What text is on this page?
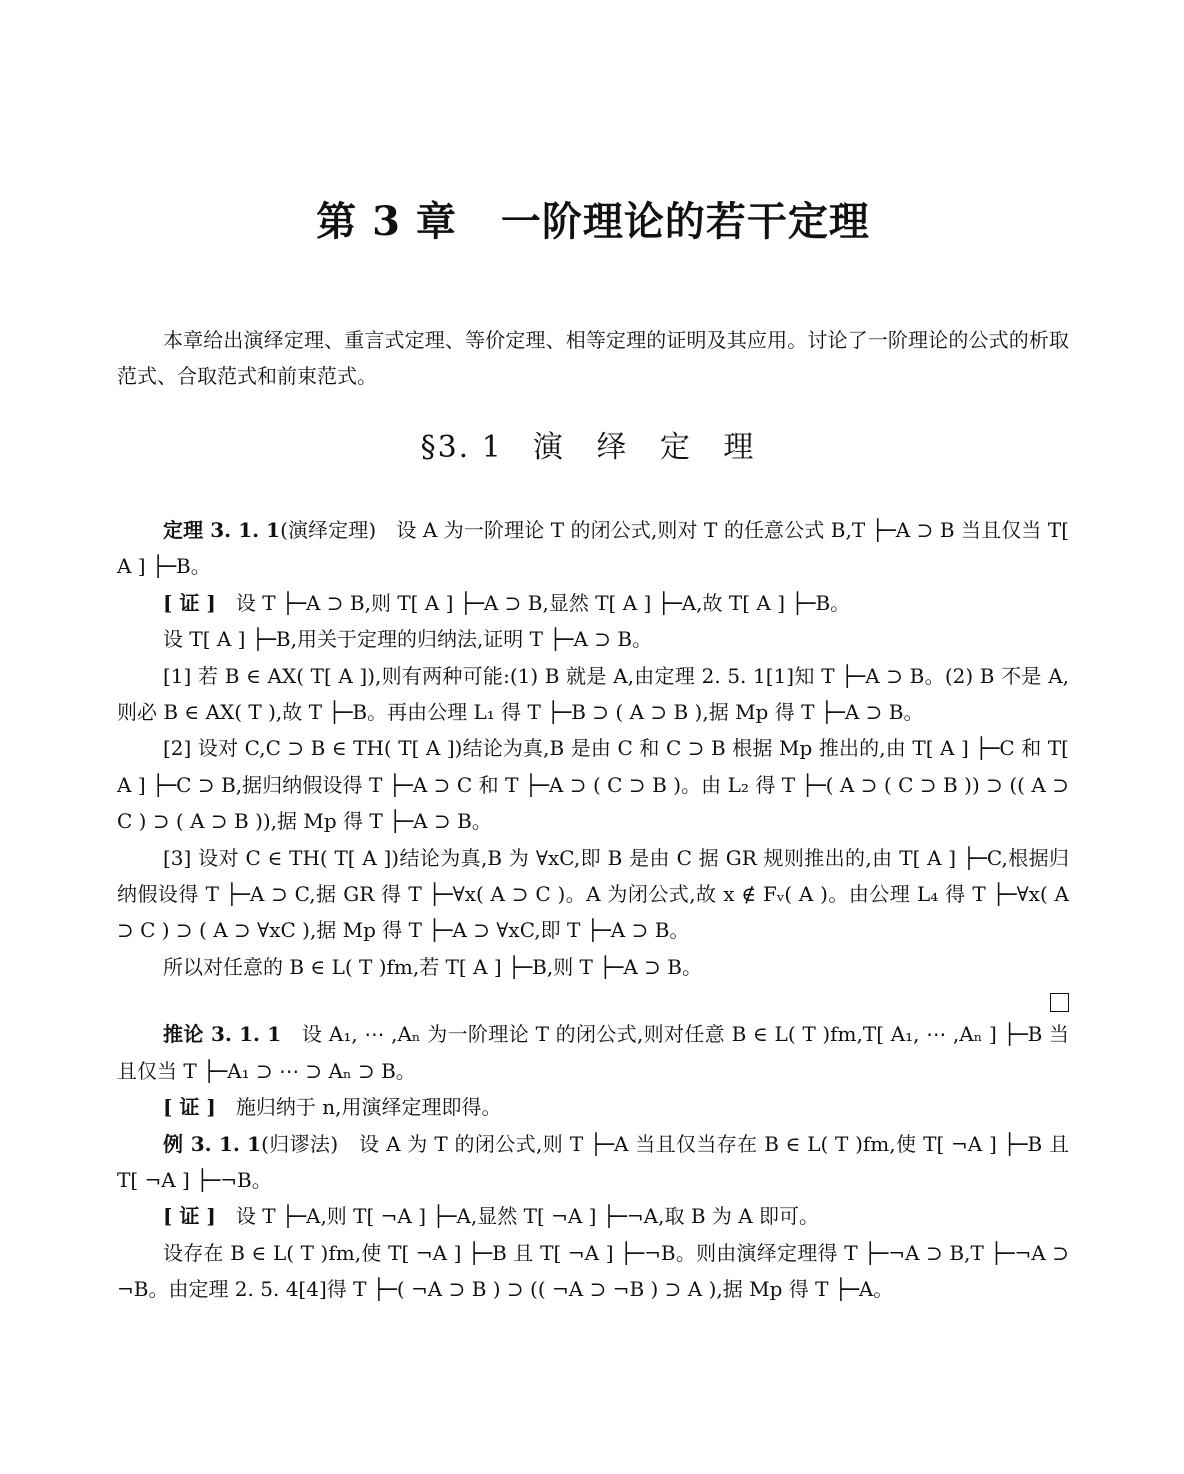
第 3 章 一阶理论的若干定理

本章给出演绎定理、重言式定理、等价定理、相等定理的证明及其应用。讨论了一阶理论的公式的析取范式、合取范式和前束范式。

§3. 1 演 绎 定 理

定理 3. 1. 1(演绎定理)　设 A 为一阶理论 T 的闭公式,则对 T 的任意公式 B,T ├─A ⊃ B 当且仅当 T[ A ] ├─B。

[ 证 ]　设 T ├─A ⊃ B,则 T[ A ] ├─A ⊃ B,显然 T[ A ] ├─A,故 T[ A ] ├─B。

设 T[ A ] ├─B,用关于定理的归纳法,证明 T ├─A ⊃ B。

[1] 若 B ∈ AX( T[ A ]),则有两种可能:(1) B 就是 A,由定理 2. 5. 1[1]知 T ├─A ⊃ B。(2) B 不是 A,则必 B ∈ AX( T ),故 T ├─B。再由公理 L₁ 得 T ├─B ⊃ ( A ⊃ B ),据 Mp 得 T ├─A ⊃ B。

[2] 设对 C,C ⊃ B ∈ TH( T[ A ])结论为真,B 是由 C 和 C ⊃ B 根据 Mp 推出的,由 T[ A ] ├─C 和 T[ A ] ├─C ⊃ B,据归纳假设得 T ├─A ⊃ C 和 T ├─A ⊃ ( C ⊃ B )。由 L₂ 得 T ├─( A ⊃ ( C ⊃ B )) ⊃ (( A ⊃ C ) ⊃ ( A ⊃ B )),据 Mp 得 T ├─A ⊃ B。

[3] 设对 C ∈ TH( T[ A ])结论为真,B 为 ∀xC,即 B 是由 C 据 GR 规则推出的,由 T[ A ] ├─C,根据归纳假设得 T ├─A ⊃ C,据 GR 得 T ├─∀x( A ⊃ C )。A 为闭公式,故 x ∉ Fᵥ( A )。由公理 L₄ 得 T ├─∀x( A ⊃ C ) ⊃ ( A ⊃ ∀xC ),据 Mp 得 T ├─A ⊃ ∀xC,即 T ├─A ⊃ B。

所以对任意的 B ∈ L( T )fm,若 T[ A ] ├─B,则 T ├─A ⊃ B。

推论 3. 1. 1　设 A₁, ⋯ ,Aₙ 为一阶理论 T 的闭公式,则对任意 B ∈ L( T )fm,T[ A₁, ⋯ ,Aₙ ] ├─B 当且仅当 T ├─A₁ ⊃ ⋯ ⊃ Aₙ ⊃ B。

[ 证 ]　施归纳于 n,用演绎定理即得。

例 3. 1. 1(归谬法)　设 A 为 T 的闭公式,则 T ├─A 当且仅当存在 B ∈ L( T )fm,使 T[ ¬A ] ├─B 且 T[ ¬A ] ├─¬B。

[ 证 ]　设 T ├─A,则 T[ ¬A ] ├─A,显然 T[ ¬A ] ├─¬A,取 B 为 A 即可。

设存在 B ∈ L( T )fm,使 T[ ¬A ] ├─B 且 T[ ¬A ] ├─¬B。则由演绎定理得 T ├─¬A ⊃ B,T ├─¬A ⊃ ¬B。由定理 2. 5. 4[4]得 T ├─( ¬A ⊃ B ) ⊃ (( ¬A ⊃ ¬B ) ⊃ A ),据 Mp 得 T ├─A。
